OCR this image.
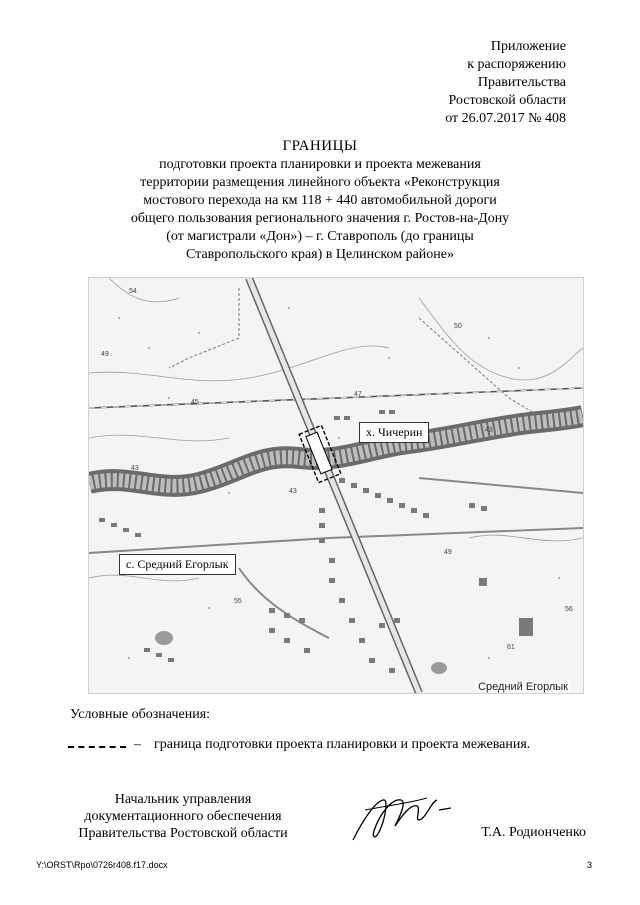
Приложение
к распоряжению
Правительства
Ростовской области
от 26.07.2017 № 408
ГРАНИЦЫ
подготовки проекта планировки и проекта межевания
территории размещения линейного объекта «Реконструкция
мостового перехода на км 118 + 440 автомобильной дороги
общего пользования регионального значения г. Ростов-на-Дону
(от магистрали «Дон») – г. Ставрополь (до границы
Ставропольского края) в Целинском районе»
54
49
45
47
43
43
43
50
49
55
56
61
х. Чичерин
с. Средний Егорлык
Средний Егорлык
Условные обозначения:
– граница подготовки проекта планировки и проекта межевания.
Начальник управления
документационного обеспечения
Правительства Ростовской области	Т.А. Родионченко
Y:\ORST\Rpo\0726r408.f17.docx	3
